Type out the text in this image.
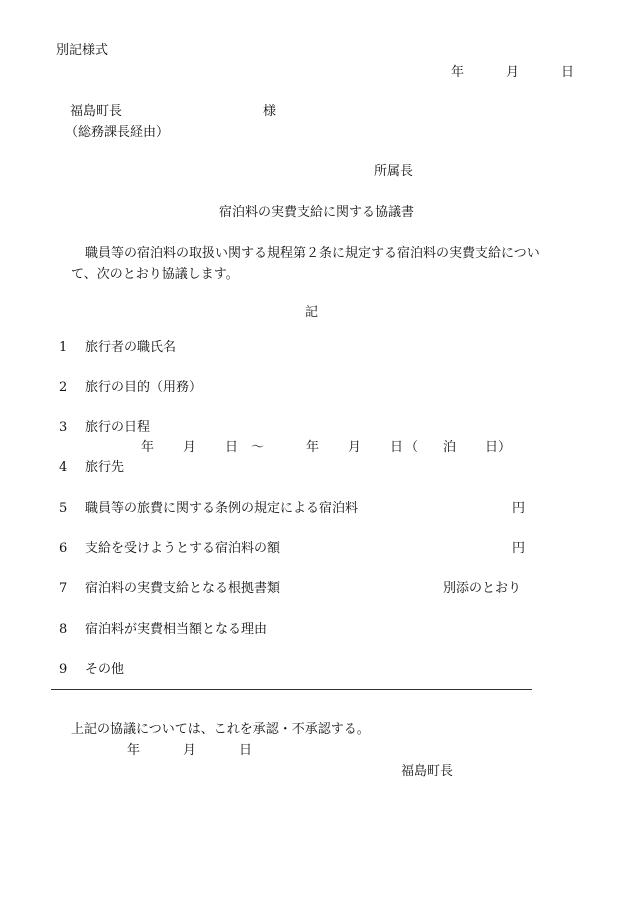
別記様式
年	月	日
福島町長	様
（総務課長経由）
所属長
宿泊料の実費支給に関する協議書
職員等の宿泊料の取扱い関する規程第２条に規定する宿泊料の実費支給につい
て、次のとおり協議します。
記
1 旅行者の職氏名
2 旅行の目的（用務）
3 旅行の日程
年 月 日 ～	年 月 日 （ 泊 日）
4 旅行先
5 職員等の旅費に関する条例の規定による宿泊料	円
6 支給を受けようとする宿泊料の額	円
7 宿泊料の実費支給となる根拠書類	別添のとおり
8 宿泊料が実費相当額となる理由
9 その他
上記の協議については、これを承認・不承認する。
年	月	日
福島町長
